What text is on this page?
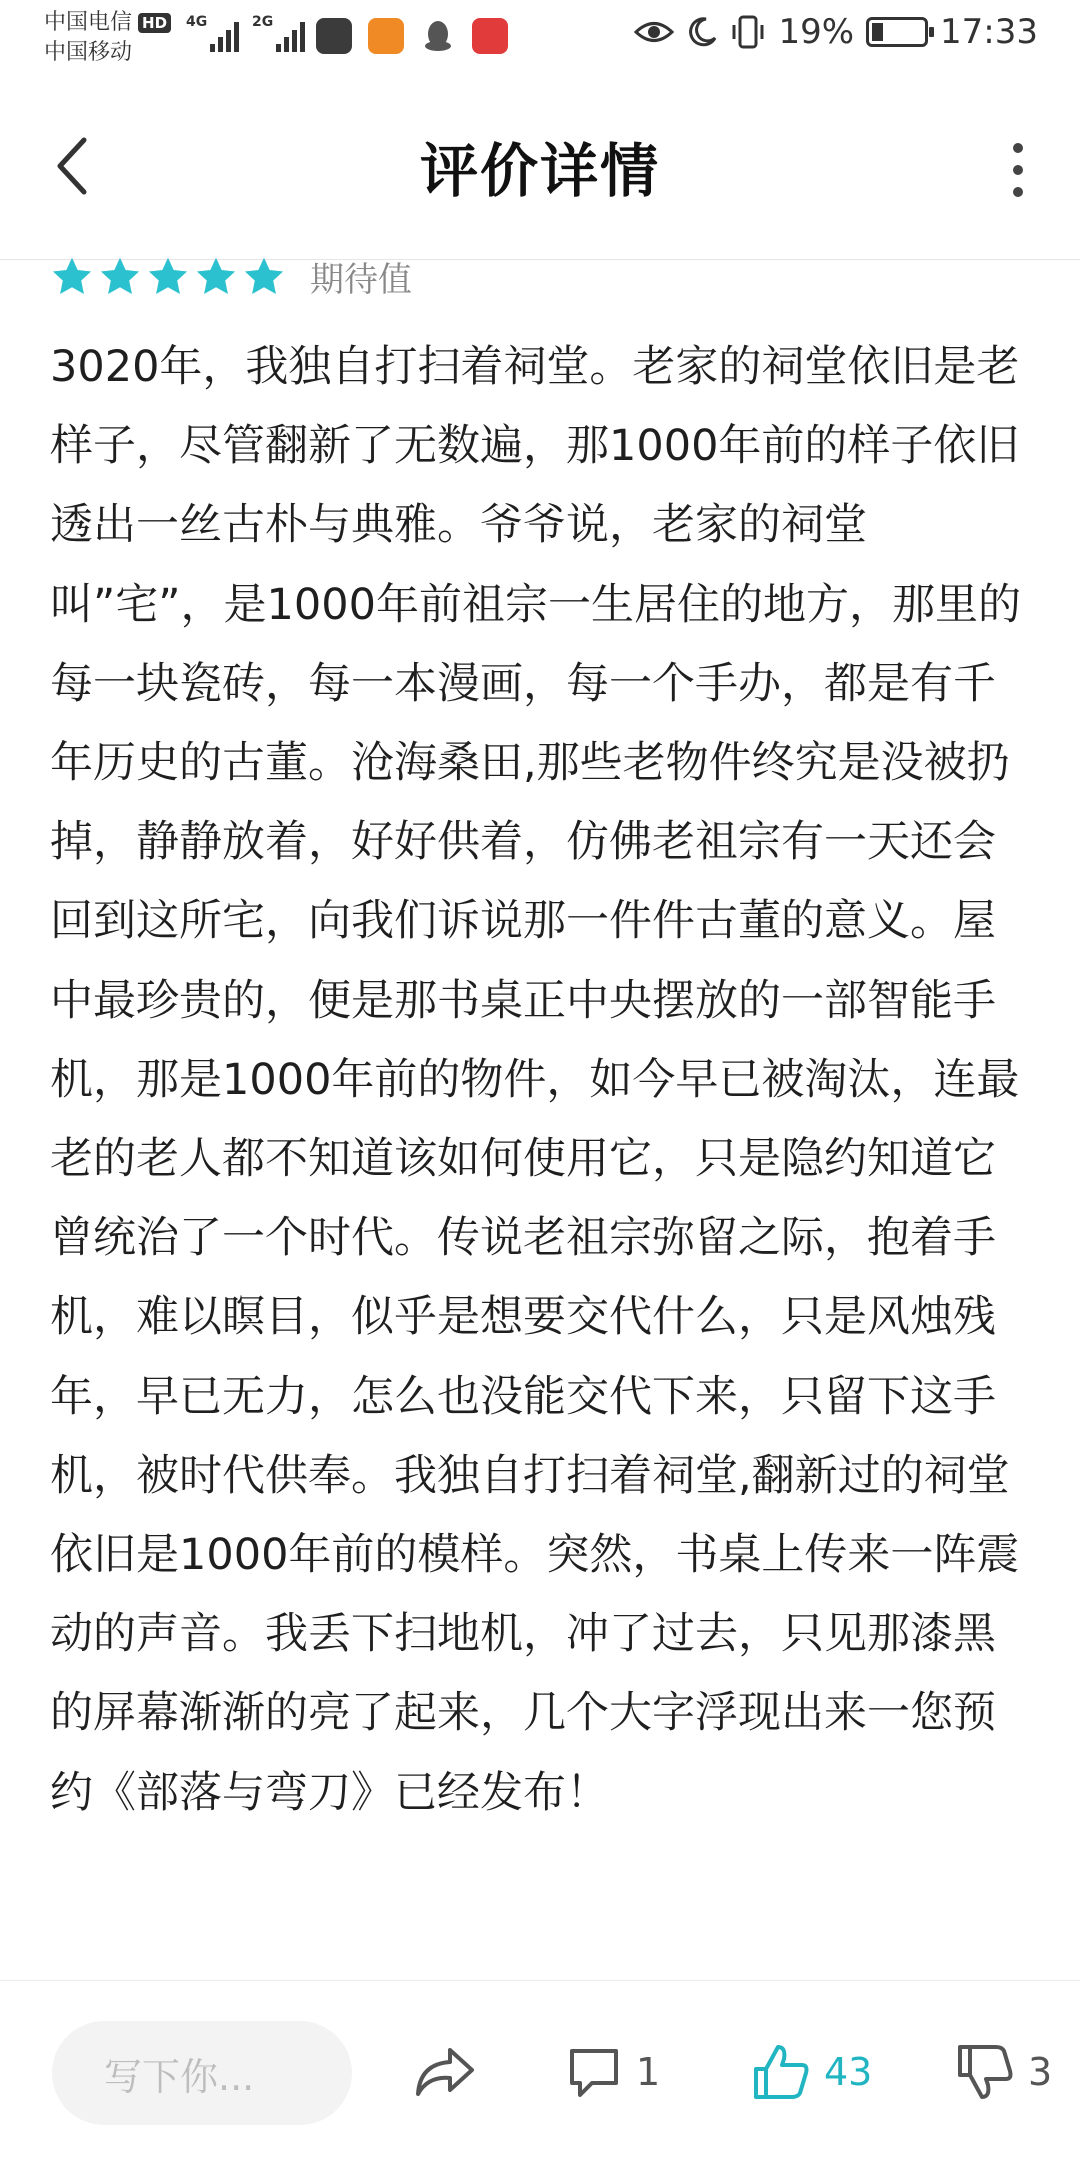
中国电信 HD
中国移动
4G	2G	19%	17:33
评价详情
期待值
3020年，我独自打扫着祠堂。老家的祠堂依旧是老样子，尽管翻新了无数遍，那1000年前的样子依旧透出一丝古朴与典雅。爷爷说，老家的祠堂叫”宅”，是1000年前祖宗一生居住的地方，那里的每一块瓷砖，每一本漫画，每一个手办，都是有千年历史的古董。沧海桑田,那些老物件终究是没被扔掉，静静放着，好好供着，仿佛老祖宗有一天还会回到这所宅，向我们诉说那一件件古董的意义。屋中最珍贵的，便是那书桌正中央摆放的一部智能手机，那是1000年前的物件，如今早已被淘汰，连最老的老人都不知道该如何使用它，只是隐约知道它曾统治了一个时代。传说老祖宗弥留之际，抱着手机，难以瞑目，似乎是想要交代什么，只是风烛残年，早已无力，怎么也没能交代下来，只留下这手机，被时代供奉。我独自打扫着祠堂,翻新过的祠堂依旧是1000年前的模样。突然，书桌上传来一阵震动的声音。我丢下扫地机，冲了过去，只见那漆黑的屏幕渐渐的亮了起来，几个大字浮现出来一您预约《部落与弯刀》已经发布！
写下你...	1	43	3
